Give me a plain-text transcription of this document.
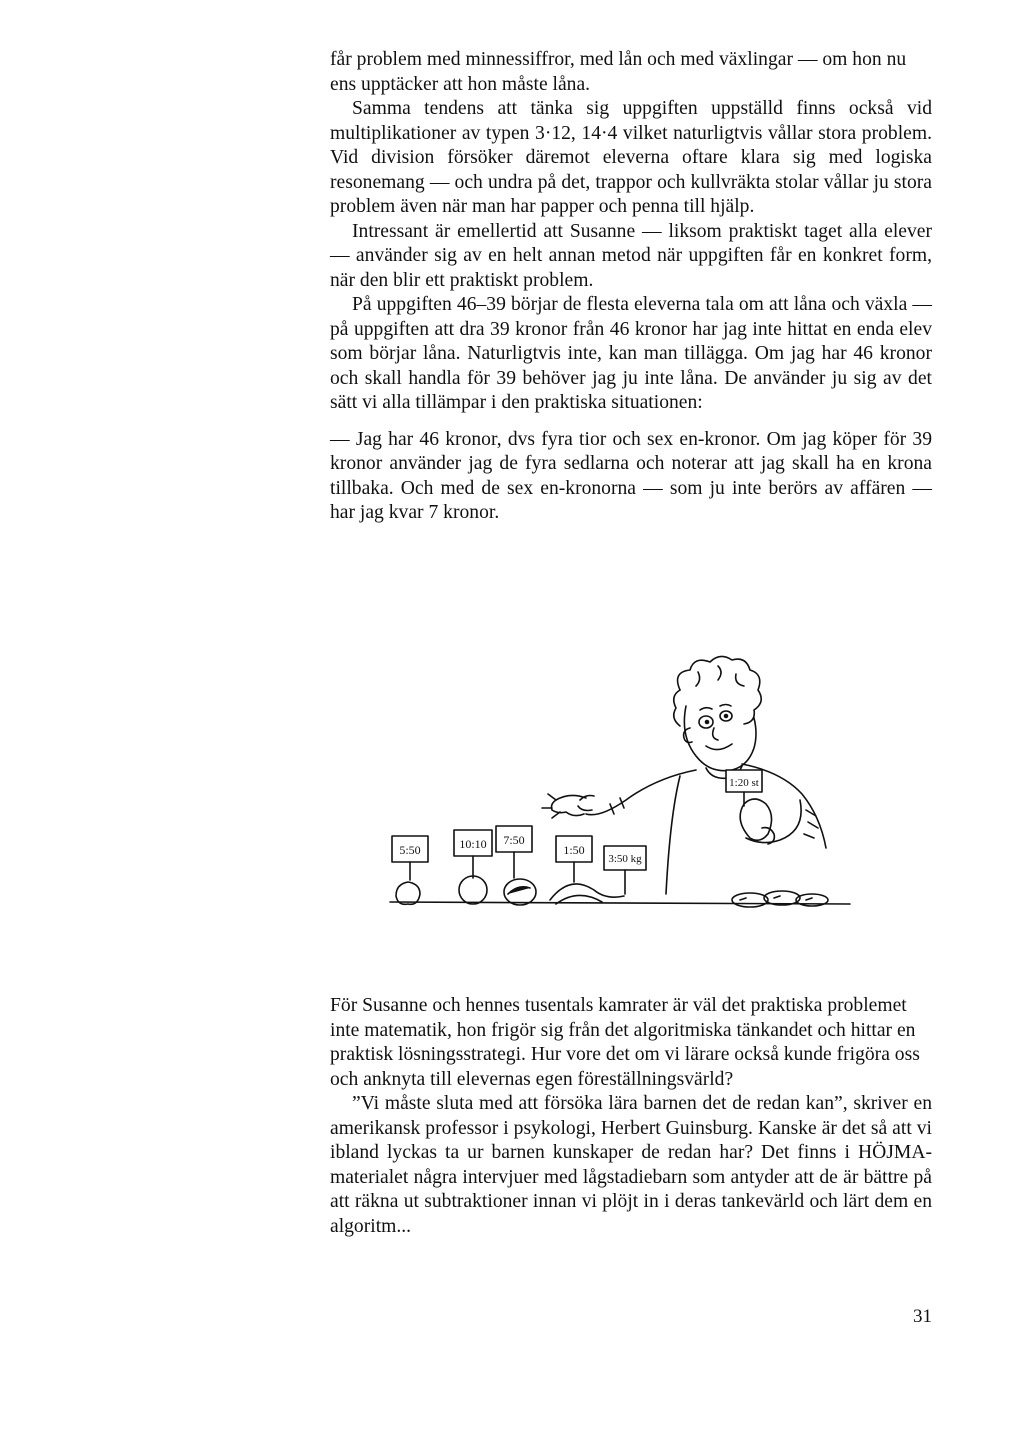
får problem med minnessiffror, med lån och med växlingar — om hon nu ens upptäcker att hon måste låna.

Samma tendens att tänka sig uppgiften uppställd finns också vid multiplikationer av typen 3·12, 14·4 vilket naturligtvis vållar stora problem. Vid division försöker däremot eleverna oftare klara sig med logiska resonemang — och undra på det, trappor och kullvräkta stolar vållar ju stora problem även när man har papper och penna till hjälp.

Intressant är emellertid att Susanne — liksom praktiskt taget alla elever — använder sig av en helt annan metod när uppgiften får en konkret form, när den blir ett praktiskt problem.

På uppgiften 46–39 börjar de flesta eleverna tala om att låna och växla — på uppgiften att dra 39 kronor från 46 kronor har jag inte hittat en enda elev som börjar låna. Naturligtvis inte, kan man tillägga. Om jag har 46 kronor och skall handla för 39 behöver jag ju inte låna. De använder ju sig av det sätt vi alla tillämpar i den praktiska situationen:

— Jag har 46 kronor, dvs fyra tior och sex en-kronor. Om jag köper för 39 kronor använder jag de fyra sedlarna och noterar att jag skall ha en krona tillbaka. Och med de sex en-kronorna — som ju inte berörs av affären — har jag kvar 7 kronor.

1:20 st
5:50	10:10 7:50
1:50
3:50 kg

För Susanne och hennes tusentals kamrater är väl det praktiska problemet inte matematik, hon frigör sig från det algoritmiska tänkandet och hittar en praktisk lösningsstrategi. Hur vore det om vi lärare också kunde frigöra oss och anknyta till elevernas egen föreställningsvärld?

”Vi måste sluta med att försöka lära barnen det de redan kan”, skriver en amerikansk professor i psykologi, Herbert Guinsburg. Kanske är det så att vi ibland lyckas ta ur barnen kunskaper de redan har? Det finns i HÖJMA-materialet några intervjuer med lågstadiebarn som antyder att de är bättre på att räkna ut subtraktioner innan vi plöjt in i deras tankevärld och lärt dem en algoritm...

31
